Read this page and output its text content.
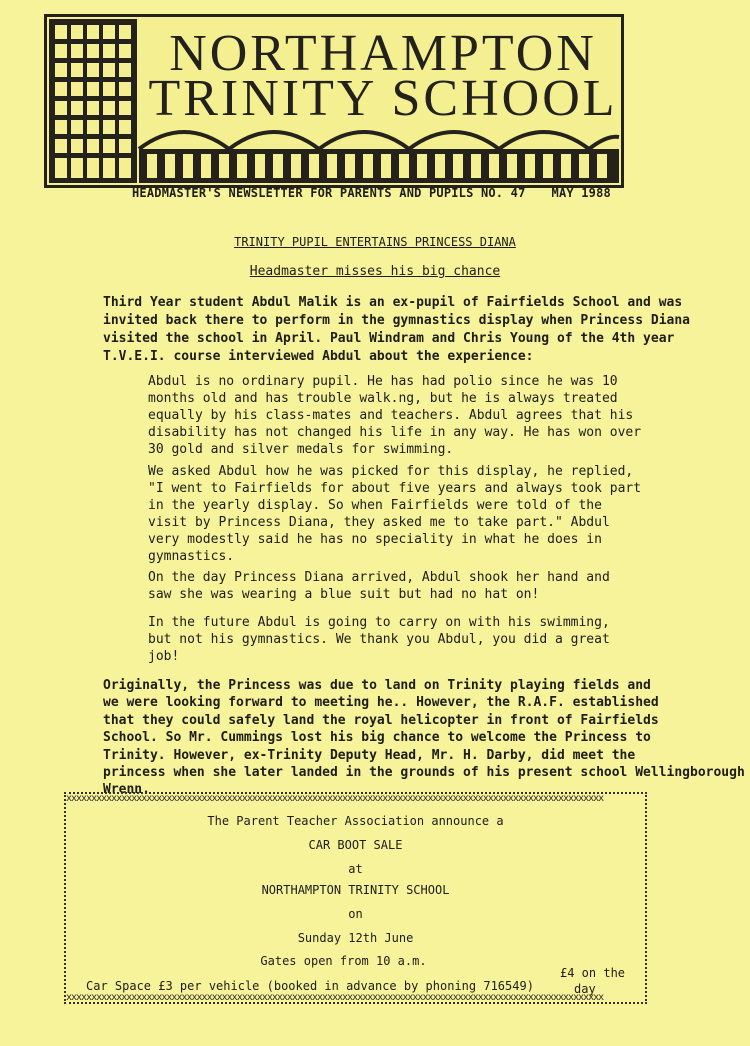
NORTHAMPTON
TRINITY SCHOOL
HEADMASTER'S NEWSLETTER FOR PARENTS AND PUPILS NO. 47 MAY 1988
TRINITY PUPIL ENTERTAINS PRINCESS DIANA
Headmaster misses his big chance

Third Year student Abdul Malik is an ex-pupil of Fairfields School and was
invited back there to perform in the gymnastics display when Princess Diana
visited the school in April. Paul Windram and Chris Young of the 4th year
T.V.E.I. course interviewed Abdul about the experience:

Abdul is no ordinary pupil. He has had polio since he was 10
months old and has trouble walk.ng, but he is always treated
equally by his class-mates and teachers. Abdul agrees that his
disability has not changed his life in any way. He has won over
30 gold and silver medals for swimming.

We asked Abdul how he was picked for this display, he replied,
"I went to Fairfields for about five years and always took part
in the yearly display. So when Fairfields were told of the
visit by Princess Diana, they asked me to take part." Abdul
very modestly said he has no speciality in what he does in
gymnastics.

On the day Princess Diana arrived, Abdul shook her hand and
saw she was wearing a blue suit but had no hat on!

In the future Abdul is going to carry on with his swimming,
but not his gymnastics. We thank you Abdul, you did a great
job!

Originally, the Princess was due to land on Trinity playing fields and
we were looking forward to meeting he.. However, the R.A.F. established
that they could safely land the royal helicopter in front of Fairfields
School. So Mr. Cummings lost his big chance to welcome the Princess to
Trinity. However, ex-Trinity Deputy Head, Mr. H. Darby, did meet the
princess when she later landed in the grounds of his present school Wellingborough
Wrenn.

xxxxxxxxxxxxxxxxxxxxxxxxxxxxxxxxxxxxxxxxxxxxxxxxxxxxxxxxxxxxxxxxxxxxxxxxxxxxxxxxxxxxxxxxxxxxxxxxxxxxxxxxxxx
The Parent Teacher Association announce a
CAR BOOT SALE
at
NORTHAMPTON TRINITY SCHOOL
on
Sunday 12th June
Gates open from 10 a.m.
£4 on the
day
Car Space £3 per vehicle (booked in advance by phoning 716549)
xxxxxxxxxxxxxxxxxxxxxxxxxxxxxxxxxxxxxxxxxxxxxxxxxxxxxxxxxxxxxxxxxxxxxxxxxxxxxxxxxxxxxxxxxxxxxxxxxxxxxxxxxxx
